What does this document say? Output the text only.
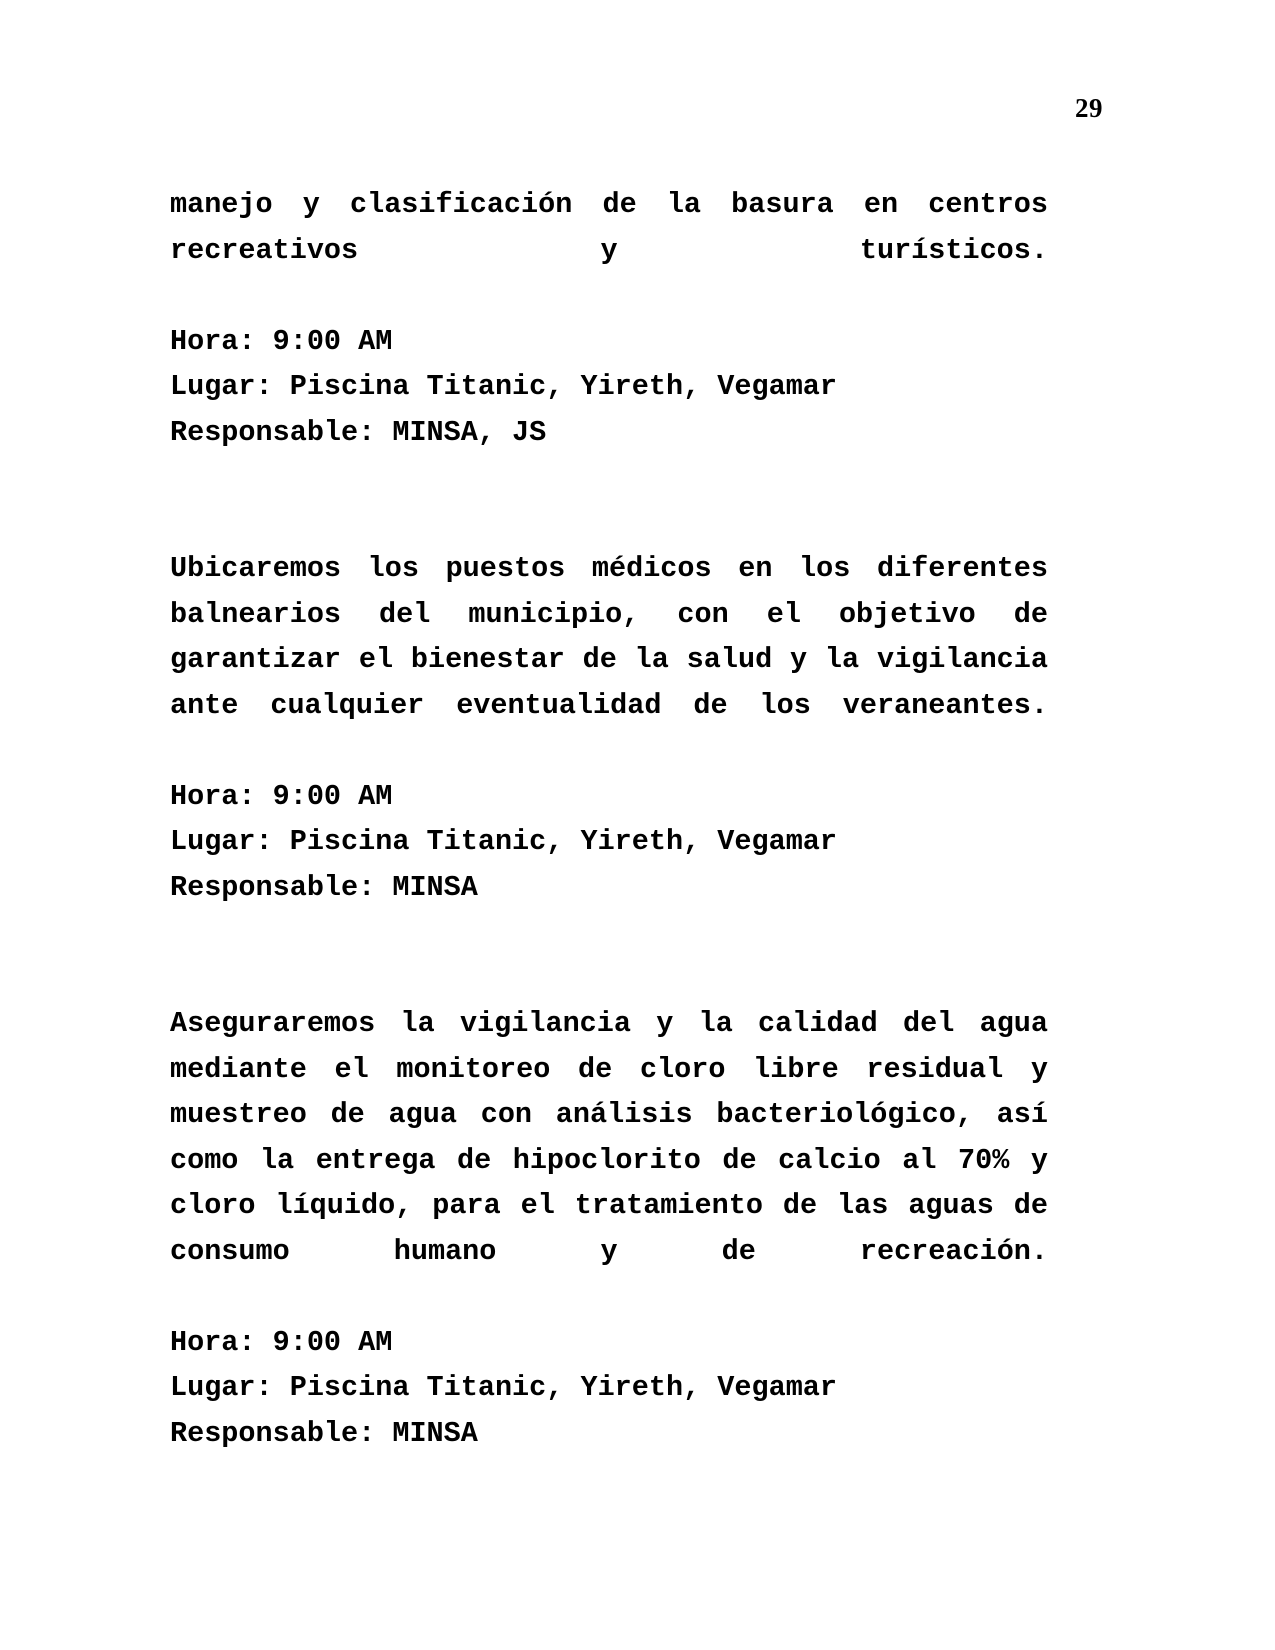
29

manejo y clasificación de la basura en centros recreativos y turísticos.

Hora: 9:00 AM

Lugar: Piscina Titanic, Yireth, Vegamar

Responsable: MINSA, JS

Ubicaremos los puestos médicos en los diferentes balnearios del municipio, con el objetivo de garantizar el bienestar de la salud y la vigilancia ante cualquier eventualidad de los veraneantes.

Hora: 9:00 AM

Lugar: Piscina Titanic, Yireth, Vegamar

Responsable: MINSA

Aseguraremos la vigilancia y la calidad del agua mediante el monitoreo de cloro libre residual y muestreo de agua con análisis bacteriológico, así como la entrega de hipoclorito de calcio al 70% y cloro líquido, para el tratamiento de las aguas de consumo humano y de recreación.

Hora: 9:00 AM

Lugar: Piscina Titanic, Yireth, Vegamar

Responsable: MINSA
